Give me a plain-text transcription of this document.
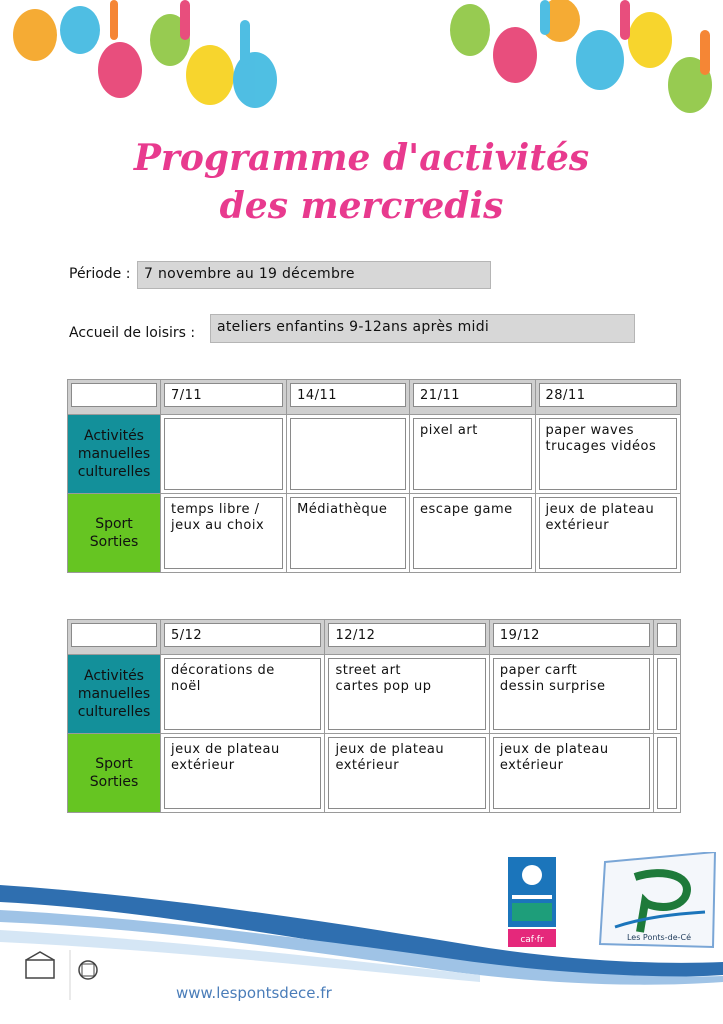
Programme d'activités
des mercredis
Période : 7 novembre au 19 décembre
Accueil de loisirs :	ateliers enfantins 9-12ans après midi

	7/11	14/11	21/11	28/11

Activités
manuelles
culturelles			pixel art	paper waves
trucages vidéos

Sport
Sorties	temps libre /
jeux au choix	Médiathèque	escape game	jeux de plateau
extérieur

	5/12	12/12	19/12	

Activités
manuelles
culturelles	décorations de
noël	street art
cartes pop up	paper carft
dessin surprise	

Sport
Sorties	jeux de plateau
extérieur	jeux de plateau
extérieur	jeux de plateau
extérieur	

caf·fr	Les Ponts-de-Cé
www.lespontsdece.fr
